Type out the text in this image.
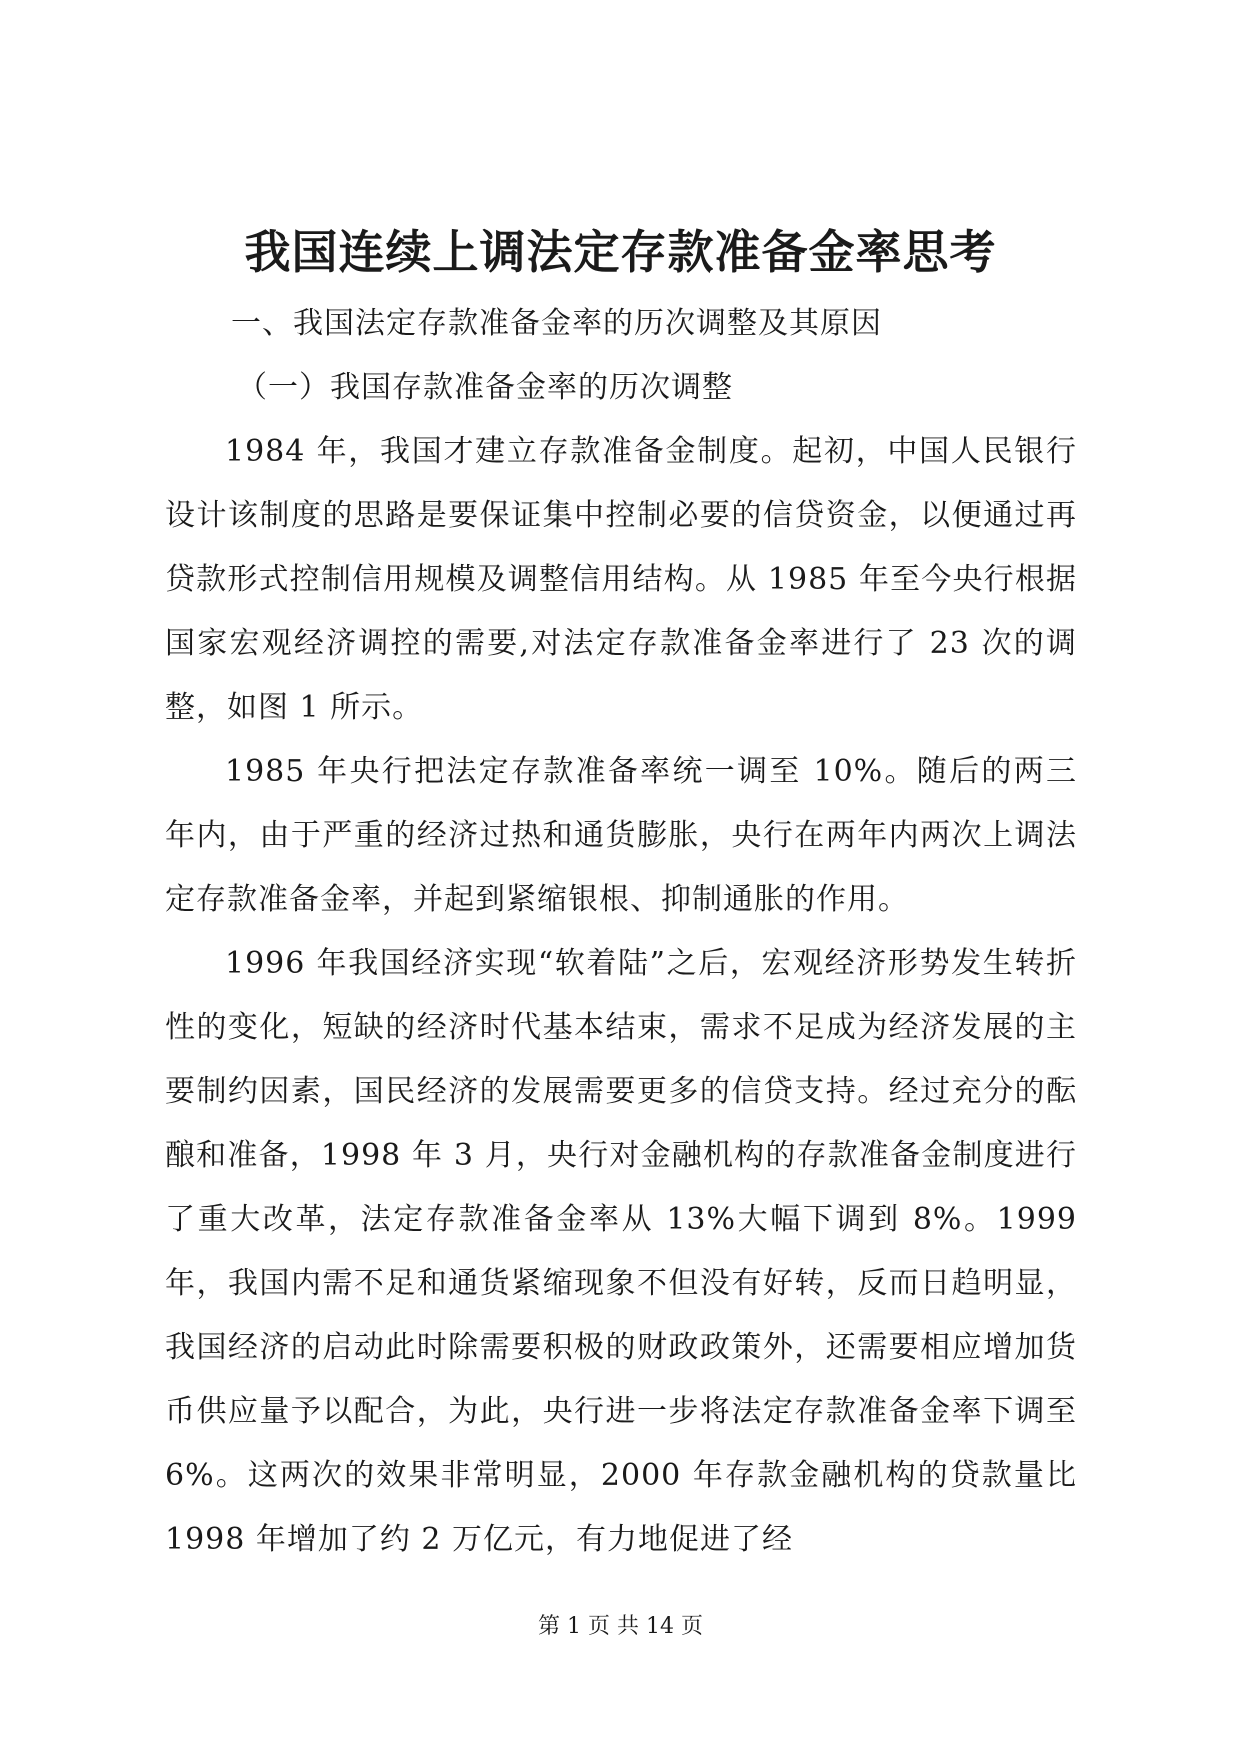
我国连续上调法定存款准备金率思考

一、我国法定存款准备金率的历次调整及其原因

（一）我国存款准备金率的历次调整

1984 年，我国才建立存款准备金制度。起初，中国人民银行设计该制度的思路是要保证集中控制必要的信贷资金，以便通过再贷款形式控制信用规模及调整信用结构。从 1985 年至今央行根据国家宏观经济调控的需要,对法定存款准备金率进行了 23 次的调整，如图 1 所示。

1985 年央行把法定存款准备率统一调至 10%。随后的两三年内，由于严重的经济过热和通货膨胀，央行在两年内两次上调法定存款准备金率，并起到紧缩银根、抑制通胀的作用。

1996 年我国经济实现“软着陆”之后，宏观经济形势发生转折性的变化，短缺的经济时代基本结束，需求不足成为经济发展的主要制约因素，国民经济的发展需要更多的信贷支持。经过充分的酝酿和准备，1998 年 3 月，央行对金融机构的存款准备金制度进行了重大改革，法定存款准备金率从 13%大幅下调到 8%。1999 年，我国内需不足和通货紧缩现象不但没有好转，反而日趋明显，我国经济的启动此时除需要积极的财政政策外，还需要相应增加货币供应量予以配合，为此，央行进一步将法定存款准备金率下调至 6%。这两次的效果非常明显，2000 年存款金融机构的贷款量比 1998 年增加了约 2 万亿元，有力地促进了经

第 1 页 共 14 页
